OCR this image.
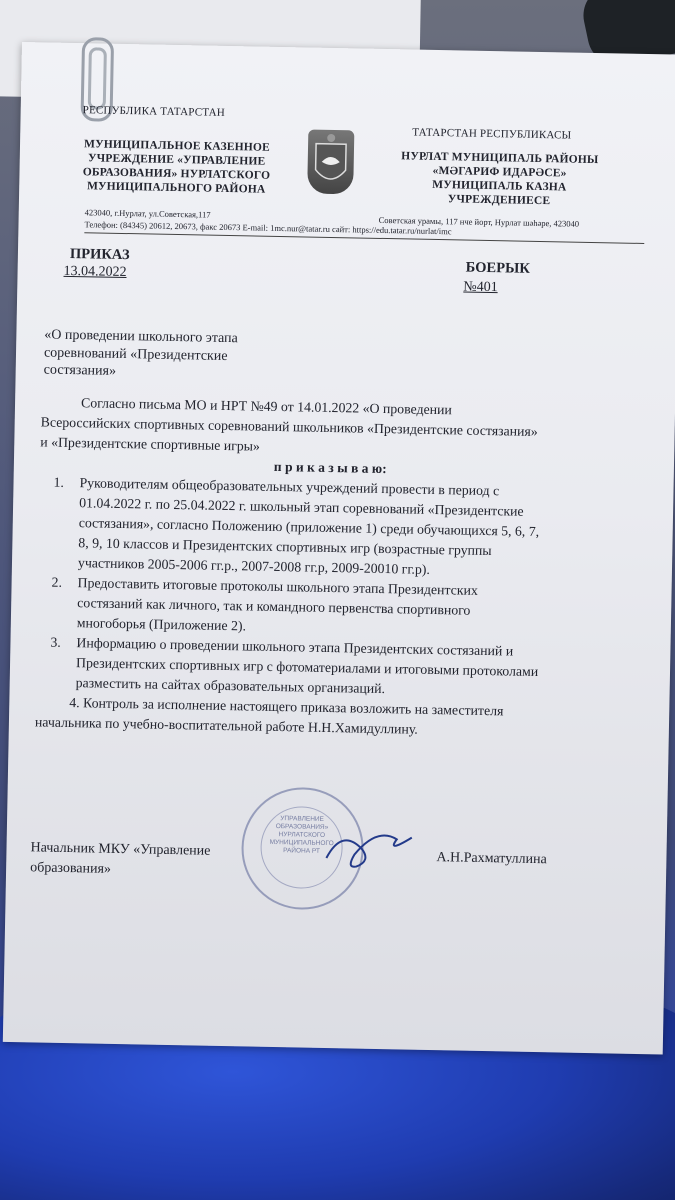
РЕСПУБЛИКА ТАТАРСТАН
МУНИЦИПАЛЬНОЕ КАЗЕННОЕ
УЧРЕЖДЕНИЕ «УПРАВЛЕНИЕ
ОБРАЗОВАНИЯ» НУРЛАТСКОГО
МУНИЦИПАЛЬНОГО РАЙОНА
ТАТАРСТАН РЕСПУБЛИКАСЫ
НУРЛАТ МУНИЦИПАЛЬ РАЙОНЫ
«МӘГАРИФ ИДАРӘСЕ»
МУНИЦИПАЛЬ КАЗНА
УЧРЕЖДЕНИЕСЕ
423040, г.Нурлат, ул.Советская,117
Советская урамы, 117 нче йорт, Нурлат шәһәре, 423040
Телефон: (84345) 20612, 20673, факс 20673 E-mail: 1mc.nur@tatar.ru сайт: https://edu.tatar.ru/nurlat/imc
ПРИКАЗ
13.04.2022	БОЕРЫК
№401
«О проведении школьного этапа
соревнований «Президентские
состязания»
Согласно письма МО и НРТ №49 от 14.01.2022 «О проведении
Всероссийских спортивных соревнований школьников «Президентские состязания»
и «Президентские спортивные игры»
п р и к а з ы в а ю:
1. Руководителям общеобразовательных учреждений провести в период с
01.04.2022 г. по 25.04.2022 г. школьный этап соревнований «Президентские
состязания», согласно Положению (приложение 1) среди обучающихся 5, 6, 7,
8, 9, 10 классов и Президентских спортивных игр (возрастные группы
участников 2005-2006 гг.р., 2007-2008 гг.р, 2009-20010 гг.р).
2. Предоставить итоговые протоколы школьного этапа Президентских
состязаний как личного, так и командного первенства спортивного
многоборья (Приложение 2).
3. Информацию о проведении школьного этапа Президентских состязаний и
Президентских спортивных игр с фотоматериалами и итоговыми протоколами
разместить на сайтах образовательных организаций.
4. Контроль за исполнение настоящего приказа возложить на заместителя
начальника по учебно-воспитательной работе Н.Н.Хамидуллину.
УПРАВЛЕНИЕ
ОБРАЗОВАНИЯ»
НУРЛАТСКОГО
МУНИЦИПАЛЬНОГО
РАЙОНА РТ
Начальник МКУ «Управление
образования»
А.Н.Рахматуллина
